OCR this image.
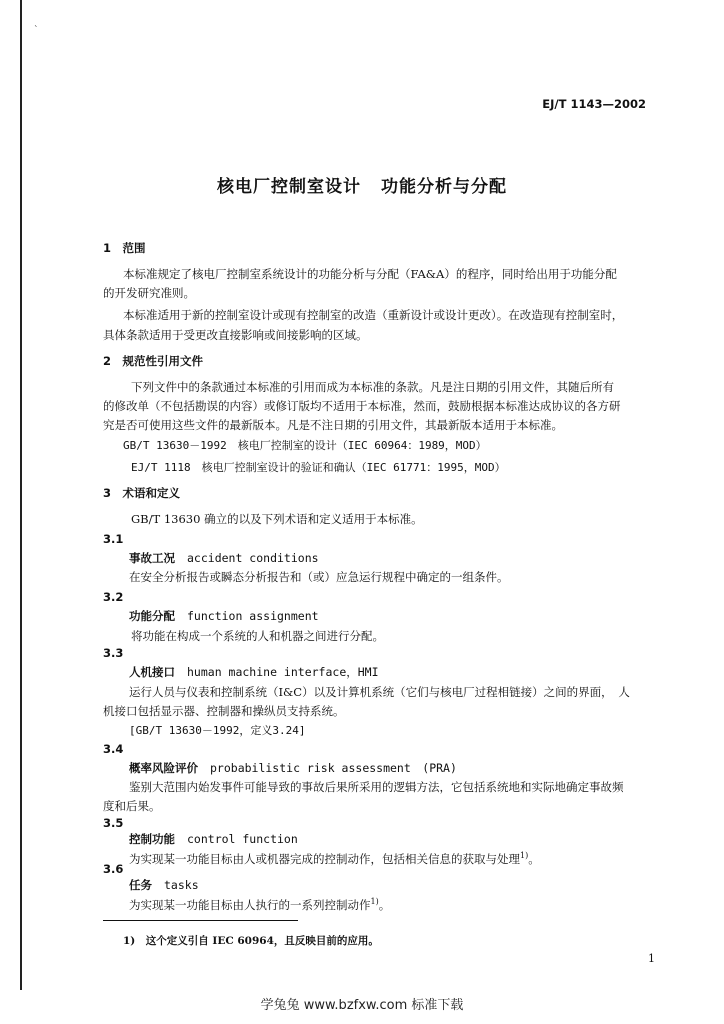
ˋ
EJ/T 1143—2002
核电厂控制室设计 功能分析与分配
1　范围
本标准规定了核电厂控制室系统设计的功能分析与分配（FA&A）的程序，同时给出用于功能分配
的开发研究准则。
本标准适用于新的控制室设计或现有控制室的改造（重新设计或设计更改）。在改造现有控制室时，
具体条款适用于受更改直接影响或间接影响的区域。
2　规范性引用文件
下列文件中的条款通过本标准的引用而成为本标准的条款。凡是注日期的引用文件，其随后所有
的修改单（不包括勘误的内容）或修订版均不适用于本标准，然而，鼓励根据本标准达成协议的各方研
究是否可使用这些文件的最新版本。凡是不注日期的引用文件，其最新版本适用于本标准。
GB/T 13630－1992　核电厂控制室的设计（IEC 60964：1989，MOD）
EJ/T 1118　核电厂控制室设计的验证和确认（IEC 61771：1995，MOD）
3　术语和定义
GB/T 13630 确立的以及下列术语和定义适用于本标准。
3.1
事故工况 accident conditions
在安全分析报告或瞬态分析报告和（或）应急运行规程中确定的一组条件。
3.2
功能分配 function assignment
将功能在构成一个系统的人和机器之间进行分配。
3.3
人机接口 human machine interface，HMI
运行人员与仪表和控制系统（I&C）以及计算机系统（它们与核电厂过程相链接）之间的界面，　人
机接口包括显示器、控制器和操纵员支持系统。
[GB/T 13630－1992，定义3.24]
3.4
概率风险评价 probabilistic risk assessment　(PRA)
鉴别大范围内始发事件可能导致的事故后果所采用的逻辑方法，它包括系统地和实际地确定事故频
度和后果。
3.5
控制功能 control function
为实现某一功能目标由人或机器完成的控制动作，包括相关信息的获取与处理$^{1)}$。
3.6
任务 tasks
为实现某一功能目标由人执行的一系列控制动作$^{1)}$。
1)　这个定义引自 IEC 60964，且反映目前的应用。
1
学兔兔 www.bzfxw.com 标准下载
